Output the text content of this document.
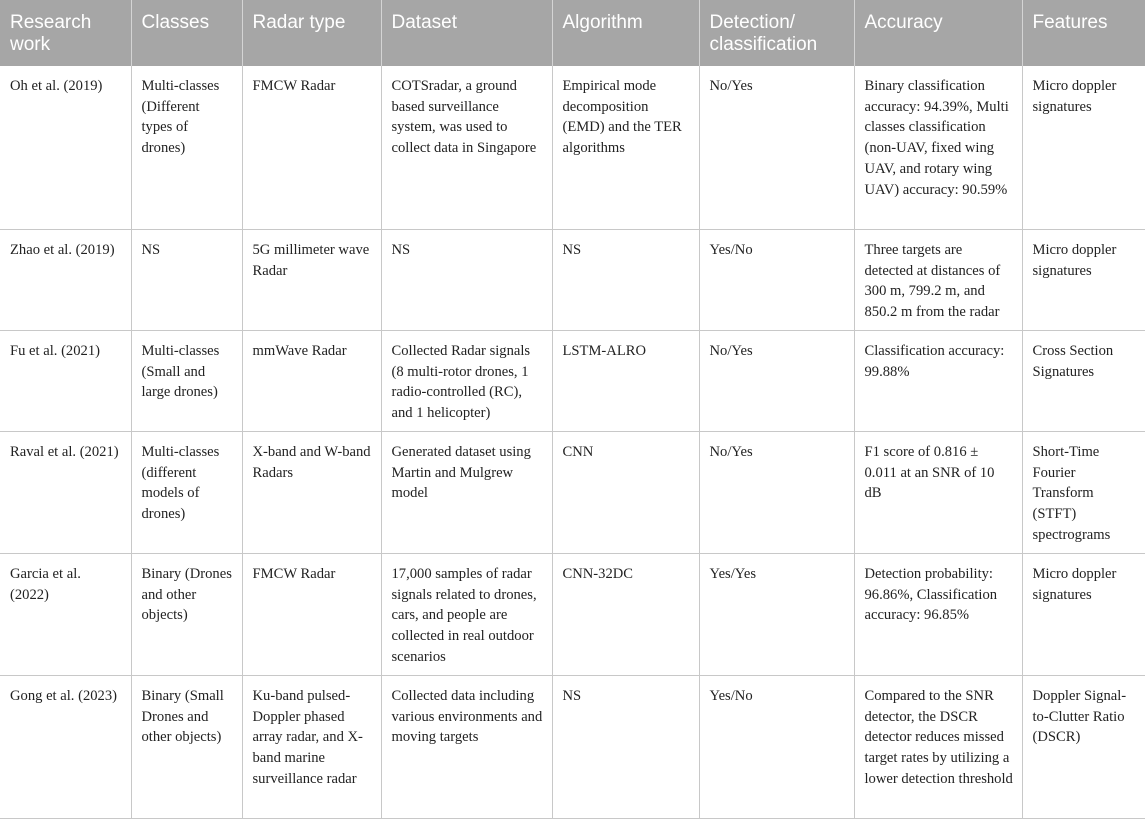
Research work	Classes	Radar type	Dataset	Algorithm	Detection/ classification	Accuracy	Features
Oh et al. (2019)	Multi-classes (Different types of drones)	FMCW Radar	COTSradar, a ground based surveillance system, was used to collect data in Singapore	Empirical mode decomposition (EMD) and the TER algorithms	No/Yes	Binary classification accuracy: 94.39%, Multi classes classification (non-UAV, fixed wing UAV, and rotary wing UAV) accuracy: 90.59%	Micro doppler signatures
Zhao et al. (2019)	NS	5G millimeter wave Radar	NS	NS	Yes/No	Three targets are detected at distances of 300 m, 799.2 m, and 850.2 m from the radar	Micro doppler signatures
Fu et al. (2021)	Multi-classes (Small and large drones)	mmWave Radar	Collected Radar signals (8 multi-rotor drones, 1 radio-controlled (RC), and 1 helicopter)	LSTM-ALRO	No/Yes	Classification accuracy: 99.88%	Cross Section Signatures
Raval et al. (2021)	Multi-classes (different models of drones)	X-band and W-band Radars	Generated dataset using Martin and Mulgrew model	CNN	No/Yes	F1 score of 0.816 ± 0.011 at an SNR of 10 dB	Short-Time Fourier Transform (STFT) spectrograms
Garcia et al. (2022)	Binary (Drones and other objects)	FMCW Radar	17,000 samples of radar signals related to drones, cars, and people are collected in real outdoor scenarios	CNN-32DC	Yes/Yes	Detection probability: 96.86%, Classification accuracy: 96.85%	Micro doppler signatures
Gong et al. (2023)	Binary (Small Drones and other objects)	Ku-band pulsed-Doppler phased array radar, and X-band marine surveillance radar	Collected data including various environments and moving targets	NS	Yes/No	Compared to the SNR detector, the DSCR detector reduces missed target rates by utilizing a lower detection threshold	Doppler Signal-to-Clutter Ratio (DSCR)
